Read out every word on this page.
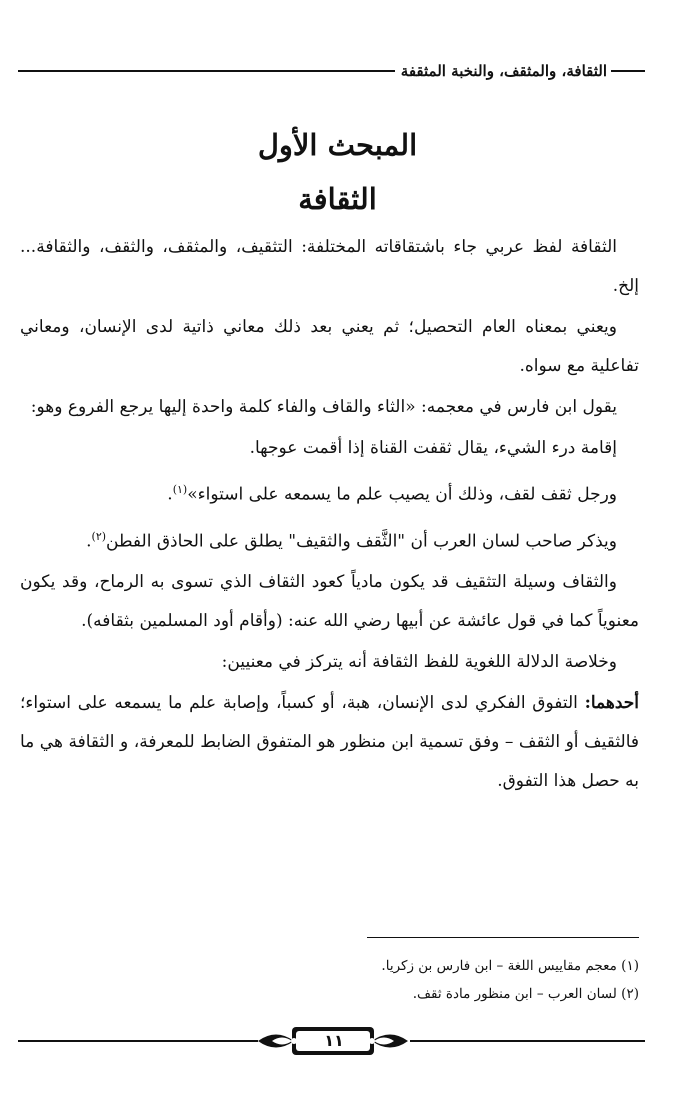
الثقافة، والمثقف، والنخبة المثقفة
المبحث الأول
الثقافة

الثقافة لفظ عربي جاء باشتقاقاته المختلفة: التثقيف، والمثقف، والثقف، والثقافة... إلخ.

ويعني بمعناه العام التحصيل؛ ثم يعني بعد ذلك معاني ذاتية لدى الإنسان، ومعاني تفاعلية مع سواه.

يقول ابن فارس في معجمه: «الثاء والقاف والفاء كلمة واحدة إليها يرجع الفروع وهو:

إقامة درء الشيء، يقال ثقفت القناة إذا أقمت عوجها.

ورجل ثقف لقف، وذلك أن يصيب علم ما يسمعه على استواء»$^{(١)}$.

ويذكر صاحب لسان العرب أن "الثَّقف والثقيف" يطلق على الحاذق الفطن$^{(٢)}$.

والثقاف وسيلة التثقيف قد يكون مادياً كعود الثقاف الذي تسوى به الرماح، وقد يكون معنوياً كما في قول عائشة عن أبيها رضي الله عنه: (وأقام أود المسلمين بثقافه).

وخلاصة الدلالة اللغوية للفظ الثقافة أنه يتركز في معنيين:

أحدهما: التفوق الفكري لدى الإنسان، هبة، أو كسباً، وإصابة علم ما يسمعه على استواء؛ فالثقيف أو الثقف – وفق تسمية ابن منظور هو المتفوق الضابط للمعرفة، و الثقافة هي ما به حصل هذا التفوق.

(١) معجم مقاييس اللغة – ابن فارس بن زكريا.
(٢) لسان العرب – ابن منظور مادة ثقف.
١١
